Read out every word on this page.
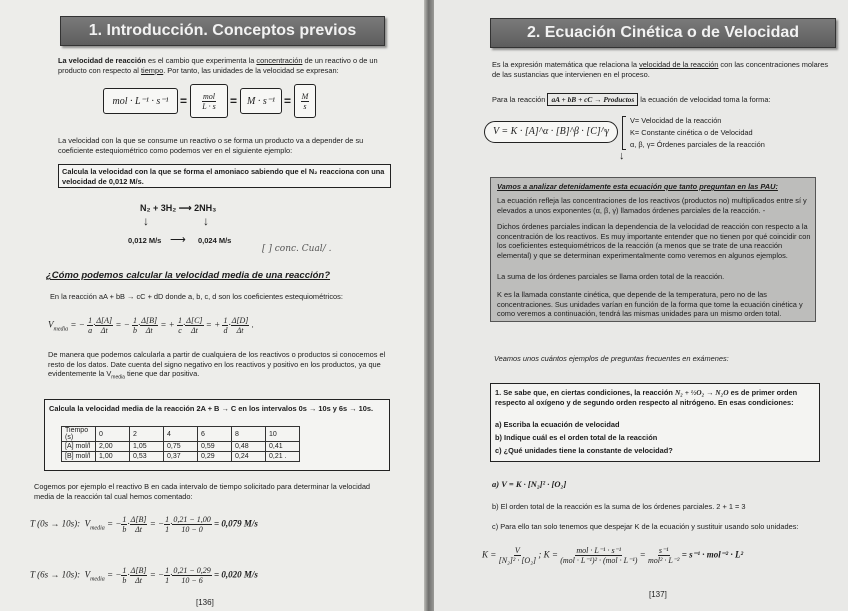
1. Introducción. Conceptos previos
La velocidad de reacción es el cambio que experimenta la concentración de un reactivo o de un producto con respecto al tiempo. Por tanto, las unidades de la velocidad se expresan:
mol · L⁻¹ · s⁻¹ = mol
L · s = M · s⁻¹ = M
s
La velocidad con la que se consume un reactivo o se forma un producto va a depender de su coeficiente estequiométrico como podemos ver en el siguiente ejemplo:
Calcula la velocidad con la que se forma el amoniaco sabiendo que el N₂ reacciona con una velocidad de 0,012 M/s.
N₂ + 3H₂ ⟶ 2NH₃
↓	↓
0,012 M/s ⟶ 0,024 M/s
[ ] conc. Cual/ .
¿Cómo podemos calcular la velocidad media de una reacción?
En la reacción aA + bB → cC + dD donde a, b, c, d son los coeficientes estequiométricos:
$V_{media}$ = − $\frac{1}{a} \cdot \frac{\Delta[A]}{\Delta t}$ = − $\frac{1}{b} \cdot \frac{\Delta[B]}{\Delta t}$ = + $\frac{1}{c} \cdot \frac{\Delta[C]}{\Delta t}$ = + $\frac{1}{d} \cdot \frac{\Delta[D]}{\Delta t}$ .
De manera que podemos calcularla a partir de cualquiera de los reactivos o productos si conocemos el resto de los datos. Date cuenta del signo negativo en los reactivos y positivo en los productos, ya que evidentemente la $V_{media}$ tiene que dar positiva.
Calcula la velocidad media de la reacción 2A + B → C en los intervalos 0s → 10s y 6s → 10s.
Tiempo (s)	0	2	4	6	8	10
[A] mol/l	2,00	1,05	0,75	0,59	0,48	0,41
[B] mol/l	1,00	0,53	0,37	0,29	0,24	0,21 .
Cogemos por ejemplo el reactivo B en cada intervalo de tiempo solicitado para determinar la velocidad media de la reacción tal cual hemos comentado:
T (0s → 10s):  $V_{media}$ = − $\frac{1}{b} \cdot \frac{\Delta[B]}{\Delta t}$ = − $\frac{1}{1} \cdot \frac{0,21 - 1,00}{10 - 0} = 0,079$ M/s
T (6s → 10s):  $V_{media}$ = − $\frac{1}{b} \cdot \frac{\Delta[B]}{\Delta t}$ = − $\frac{1}{1} \cdot \frac{0,21 - 0,29}{10 - 6} = 0,020$ M/s
[136]
2. Ecuación Cinética o de Velocidad
Es la expresión matemática que relaciona la velocidad de la reacción con las concentraciones molares de las sustancias que intervienen en el proceso.
Para la reacción aA + bB + cC → Productos la ecuación de velocidad toma la forma:
V = K · [A]^α · [B]^β · [C]^γ
↓
V= Velocidad de la reacción
K= Constante cinética o de Velocidad
α, β, γ= Órdenes parciales de la reacción
Vamos a analizar detenidamente esta ecuación que tanto preguntan en las PAU:
La ecuación refleja las concentraciones de los reactivos (productos no) multiplicados entre sí y elevados a unos exponentes (α, β, γ) llamados órdenes parciales de la reacción. -
Dichos órdenes parciales indican la dependencia de la velocidad de reacción con respecto a la concentración de los reactivos. Es muy importante entender que no tienen por qué coincidir con los coeficientes estequiométricos de la reacción (a menos que se trate de una reacción elemental) y que se determinan experimentalmente como veremos en algunos ejemplos.
La suma de los órdenes parciales se llama orden total de la reacción.
K es la llamada constante cinética, que depende de la temperatura, pero no de las concentraciones. Sus unidades varían en función de la forma que tome la ecuación cinética y como veremos a continuación, tendrá las mismas unidades para un mismo orden total.
Veamos unos cuántos ejemplos de preguntas frecuentes en exámenes:
1. Se sabe que, en ciertas condiciones, la reacción N₂ + ½O₂ → N₂O es de primer orden respecto al oxígeno y de segundo orden respecto al nitrógeno. En esas condiciones:
a) Escriba la ecuación de velocidad
b) Indique cuál es el orden total de la reacción
c) ¿Qué unidades tiene la constante de velocidad?
a) V = K · [N₂]² · [O₂]
b) El orden total de la reacción es la suma de los órdenes parciales. 2 + 1 = 3
c) Para ello tan solo tenemos que despejar K de la ecuación y sustituir usando solo unidades:
$K = \frac{V}{\text{[N₂]² · [O₂]}}$ ; K = mol · L⁻¹ · s⁻¹
(mol · L⁻¹)² · (mol · L⁻¹)
= s⁻¹
mol² · L⁻²
= s⁻¹ · mol⁻² · L²
[137]
